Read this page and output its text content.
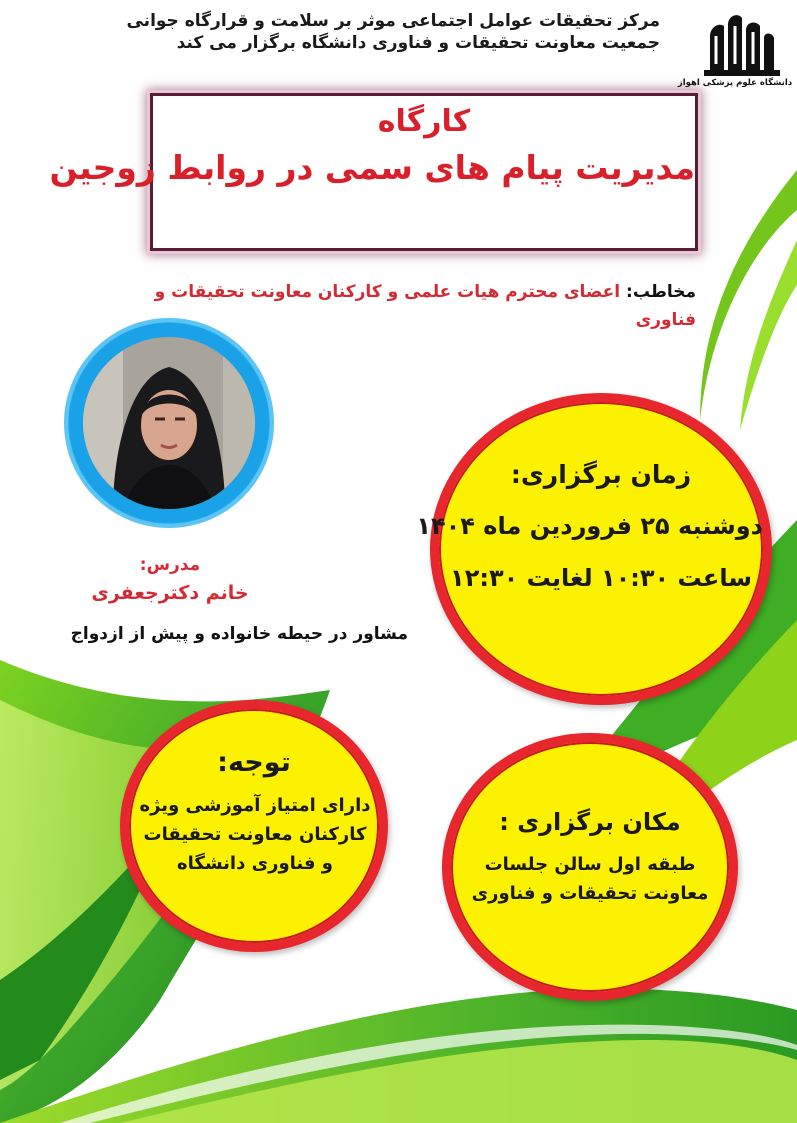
مرکز تحقیقات عوامل اجتماعی موثر بر سلامت و قرارگاه جوانی
جمعیت معاونت تحقیقات و فناوری دانشگاه برگزار می کند
دانشگاه علوم پزشکی اهواز
کارگاه
مدیریت پیام های سمی در روابط زوجین
مخاطب: اعضای محترم هیات علمی و کارکنان معاونت تحقیقات و فناوری
مدرس:
خانم دکترجعفری
مشاور در حیطه خانواده و پیش از ازدواج
زمان برگزاری:
دوشنبه ۲۵ فروردین ماه ۱۴۰۴
ساعت ۱۰:۳۰ لغایت ۱۲:۳۰
توجه:
دارای امتیاز آموزشی ویژه
کارکنان معاونت تحقیقات
و فناوری دانشگاه
مکان برگزاری :
طبقه اول سالن جلسات
معاونت تحقیقات و فناوری
